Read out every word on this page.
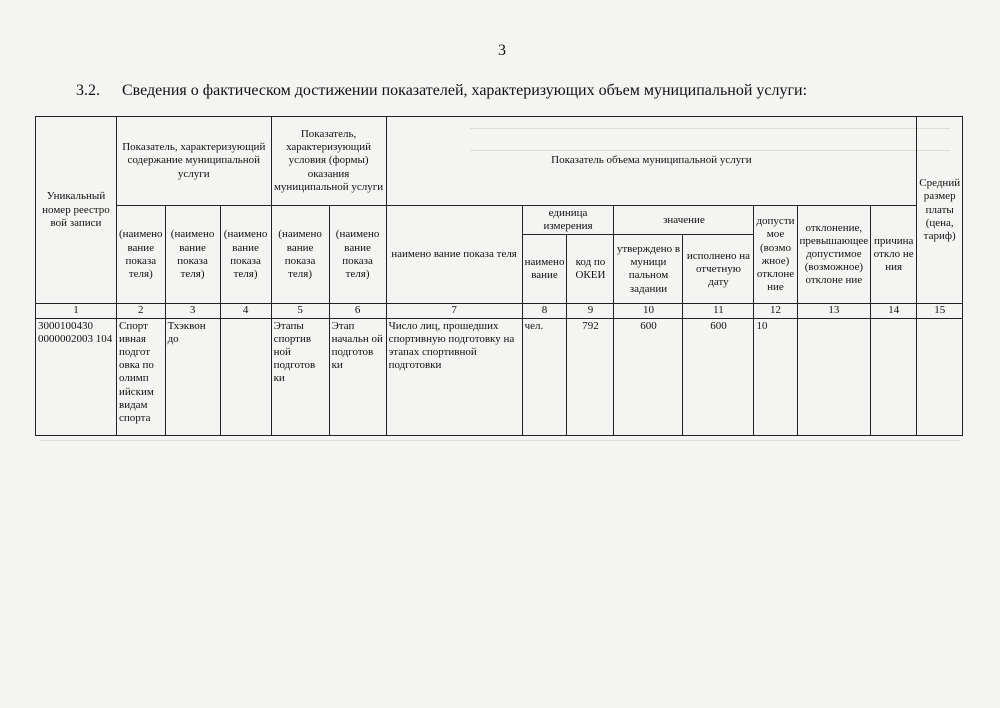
3
3.2. Сведения о фактическом достижении показателей, характеризующих объем муниципальной услуги:
Уникальный номер реестро вой записи	Показатель, характеризующий содержание муниципальной услуги			Показатель, характеризующий условия (формы) оказания муниципальной услуги		Показатель объема муниципальной услуги								Средний размер платы (цена, тариф)
	(наимено вание показа теля)	(наимено вание показа теля)	(наимено вание показа теля)	(наимено вание показа теля)	(наимено вание показа теля)	наимено вание показа теля	единица измерения		значение		допусти мое (возмо жное) отклоне ние	отклонение, превышающее допустимое (возможное) отклоне ние	причина откло не ния	
							наимено вание	код по ОКЕИ	утверждено в муници пальном задании	исполнено на отчетную дату				
1	2	3	4	5	6	7	8	9	10	11	12	13	14	15
3000100430 0000002003 104	Спорт ивная подгот овка по олимп ийским видам спорта	Тхэквон до		Этапы спортив ной подготов ки	Этап начальн ой подготов ки	Число лиц, прошедших спортивную подготовку на этапах спортивной подготовки	чел.	792	600	600	10			
